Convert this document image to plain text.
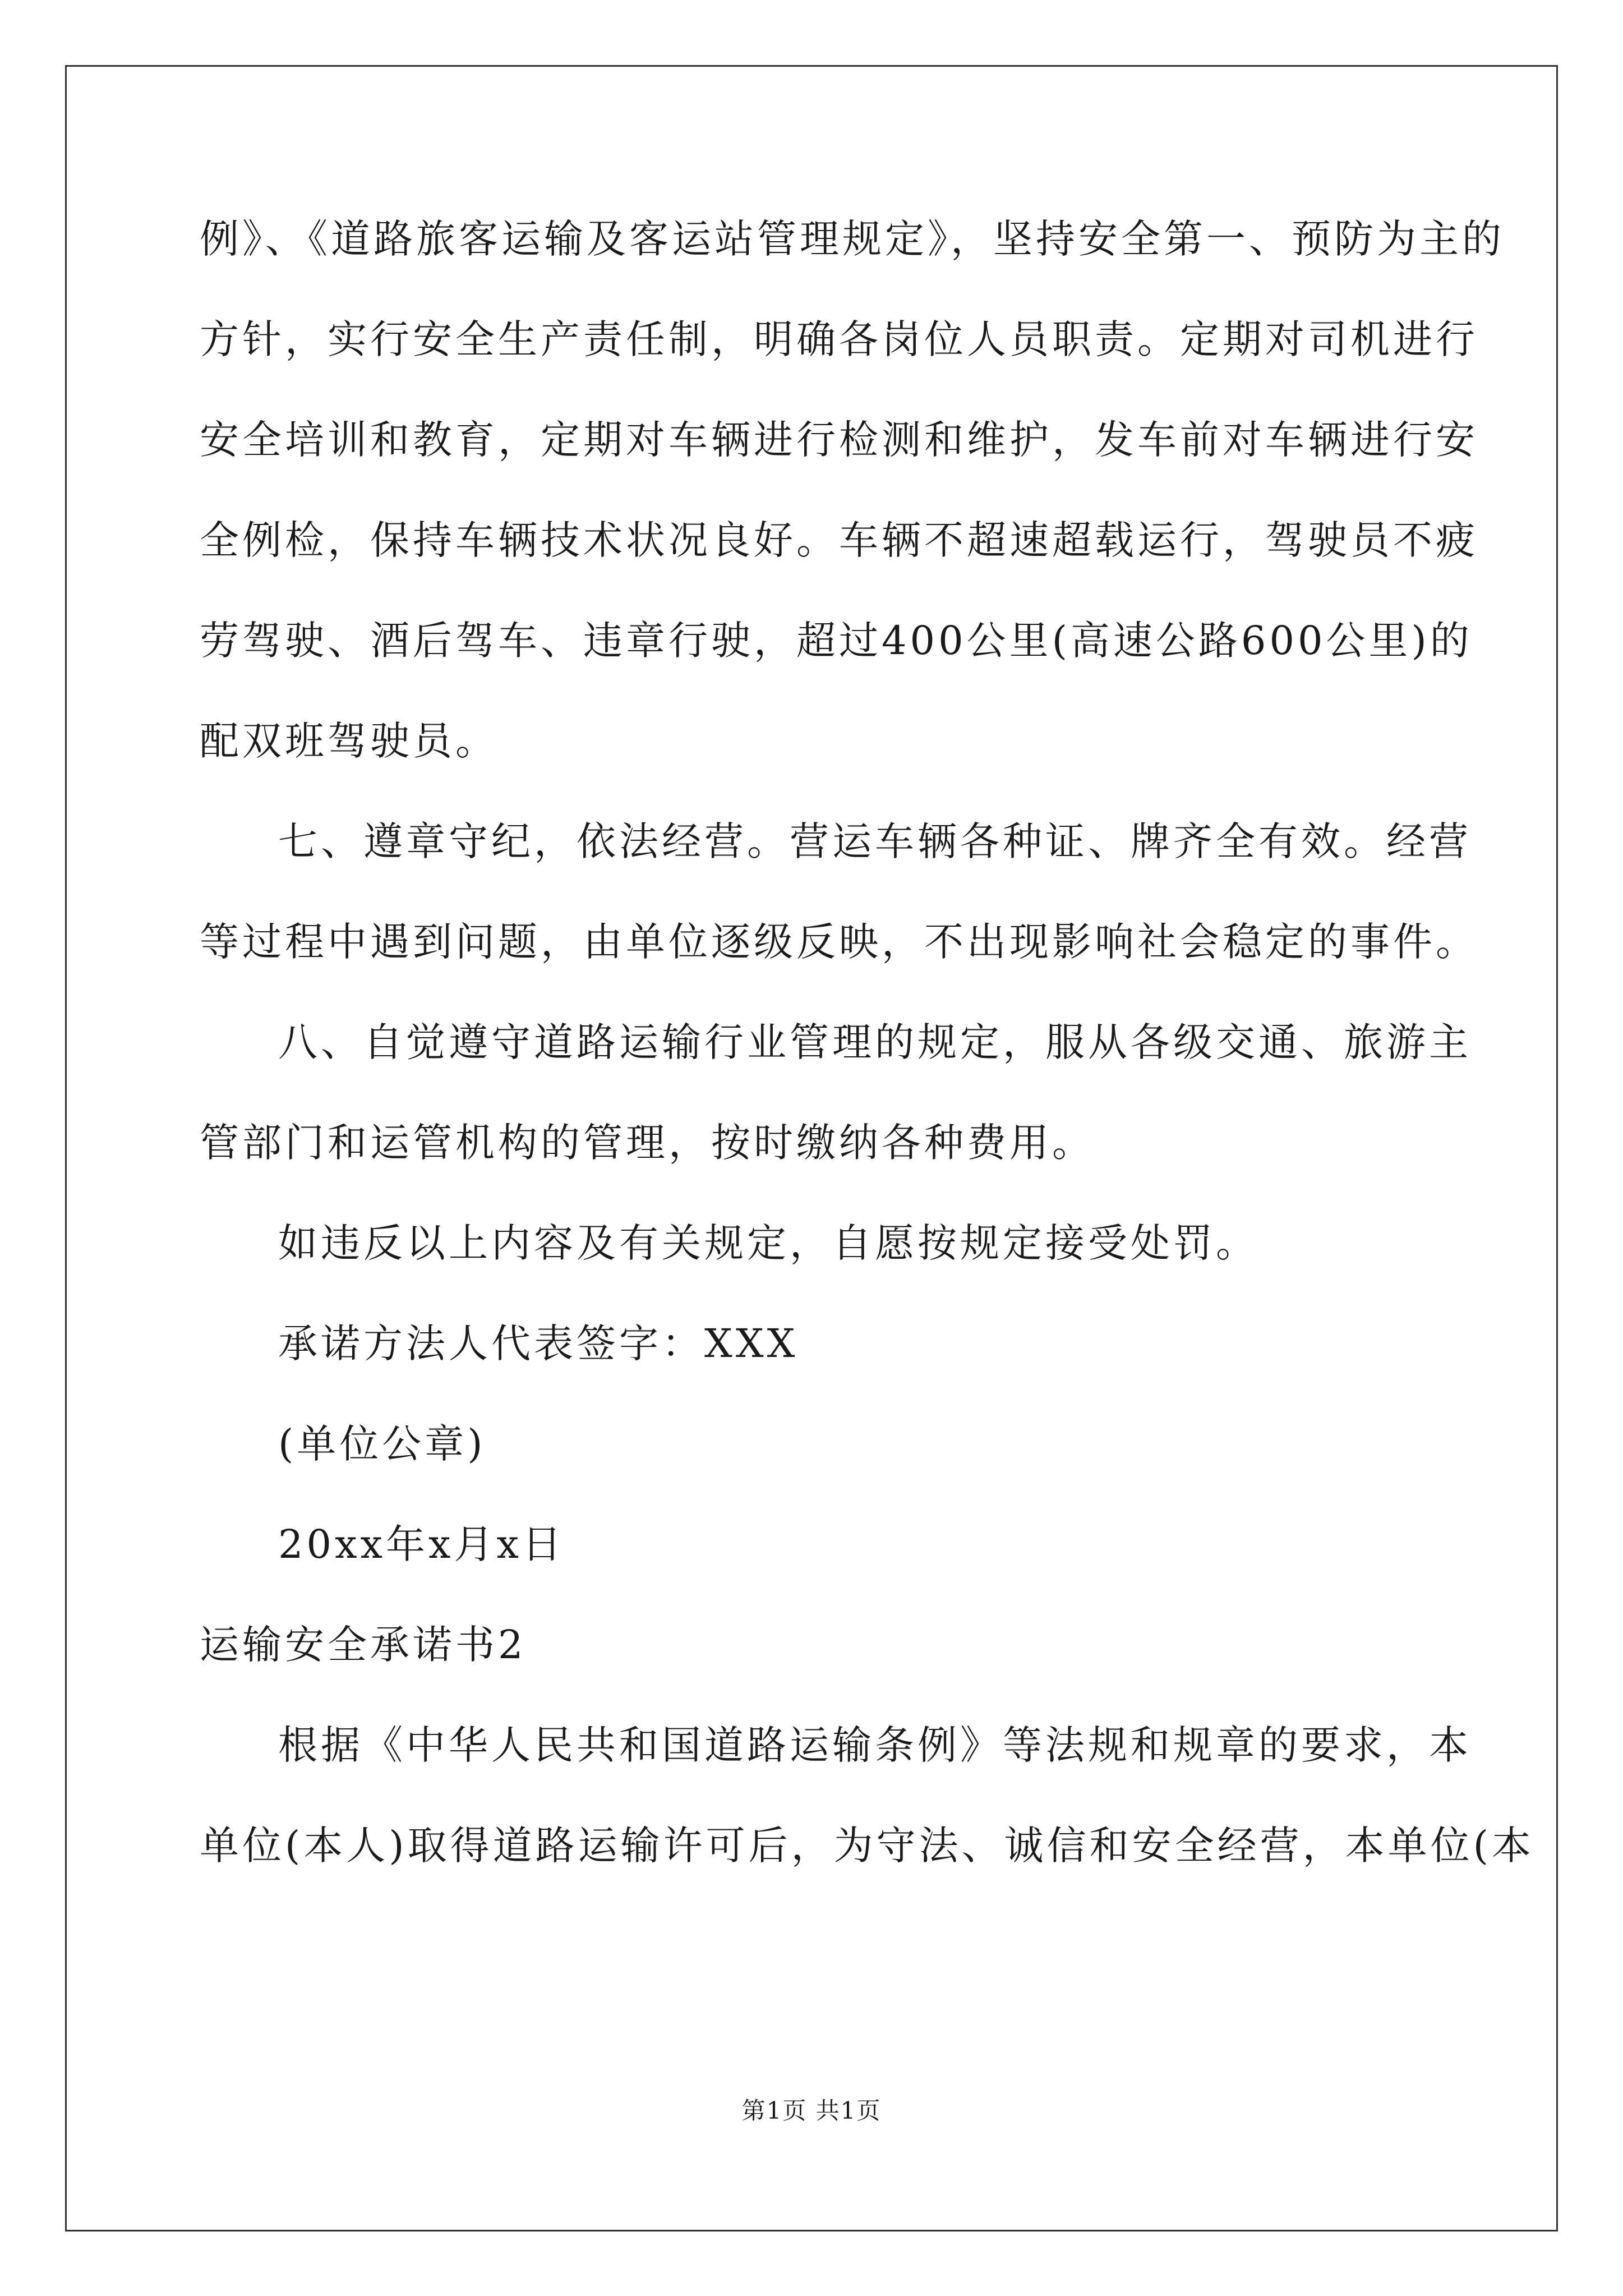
例》、《道路旅客运输及客运站管理规定》，坚持安全第一、预防为主的
方针，实行安全生产责任制，明确各岗位人员职责。定期对司机进行
安全培训和教育，定期对车辆进行检测和维护，发车前对车辆进行安
全例检，保持车辆技术状况良好。车辆不超速超载运行，驾驶员不疲
劳驾驶、酒后驾车、违章行驶，超过400公里(高速公路600公里)的
配双班驾驶员。
七、遵章守纪，依法经营。营运车辆各种证、牌齐全有效。经营
等过程中遇到问题，由单位逐级反映，不出现影响社会稳定的事件。
八、自觉遵守道路运输行业管理的规定，服从各级交通、旅游主
管部门和运管机构的管理，按时缴纳各种费用。
如违反以上内容及有关规定，自愿按规定接受处罚。
承诺方法人代表签字：XXX
(单位公章)
20xx年x月x日
运输安全承诺书2
根据《中华人民共和国道路运输条例》等法规和规章的要求，本
单位(本人)取得道路运输许可后，为守法、诚信和安全经营，本单位(本
第1页 共1页
